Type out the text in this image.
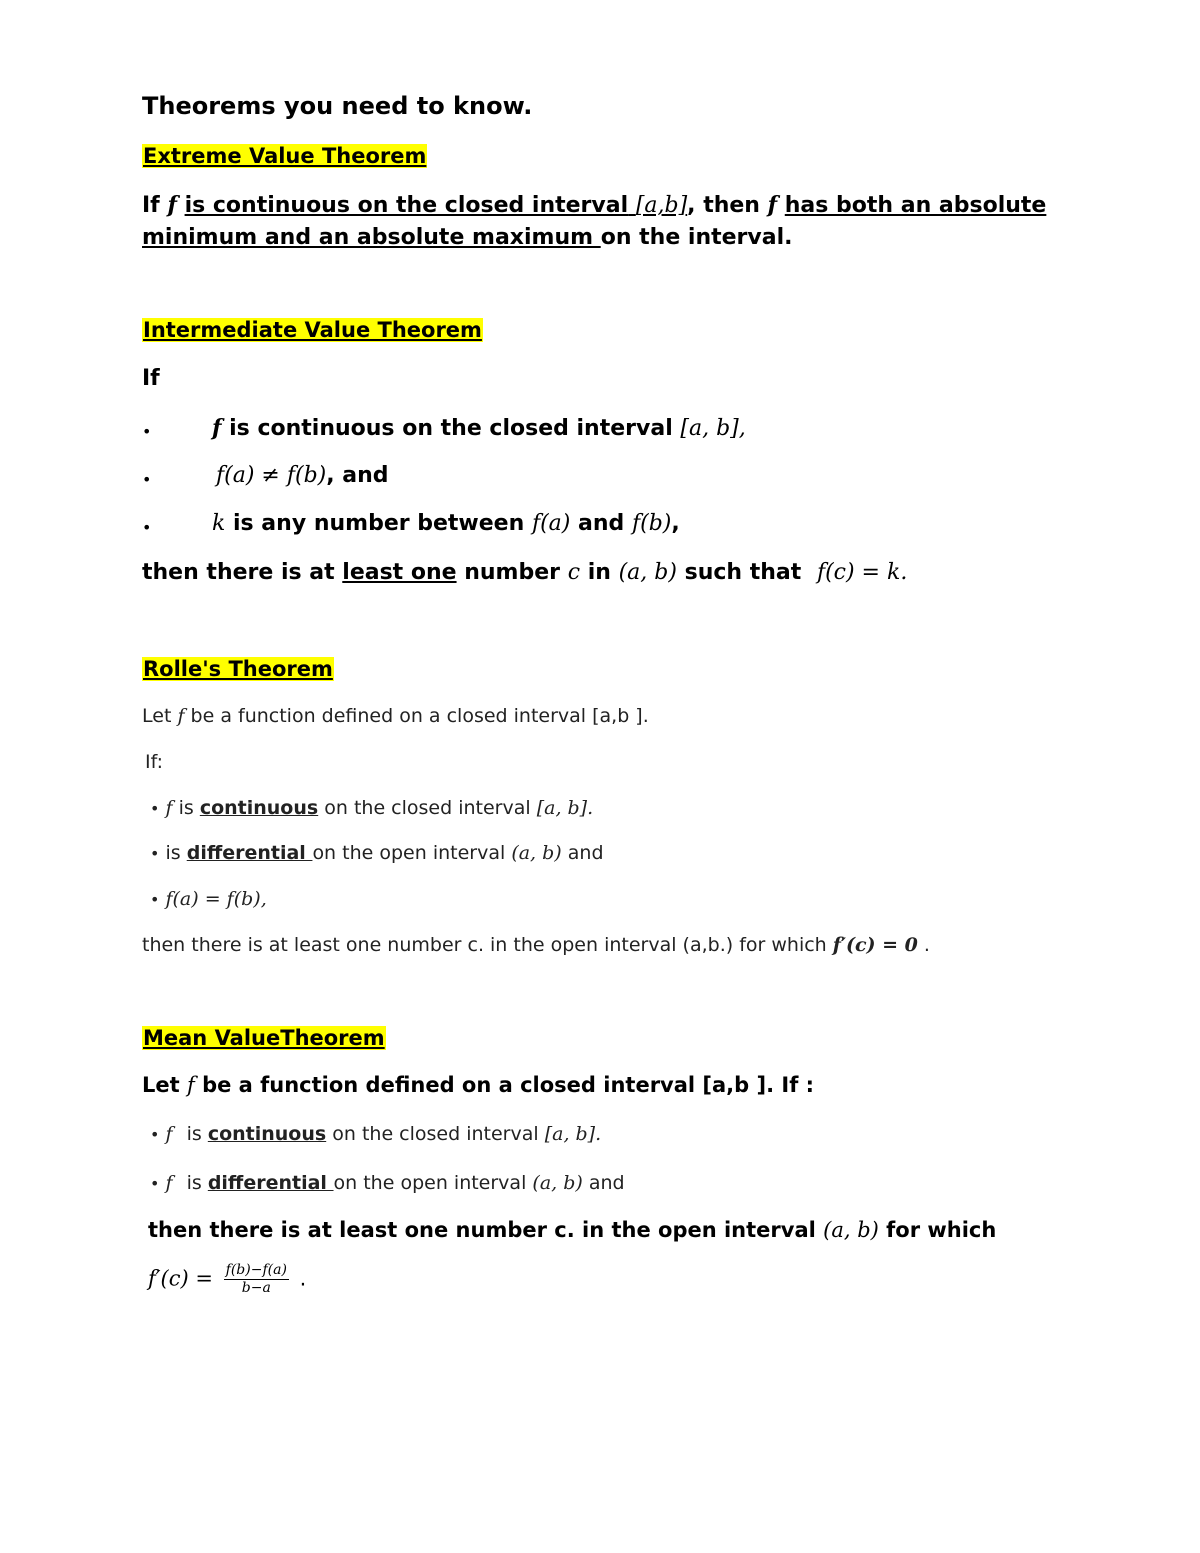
Theorems you need to know.
Extreme Value Theorem
If f is continuous on the closed interval [a,b], then f has both an absolute
minimum and an absolute maximum on the interval.
Intermediate Value Theorem
If
•	f is continuous on the closed interval [a, b],
•	f(a) ≠ f(b), and
•	k is any number between f(a) and f(b),
then there is at least one number c in (a, b) such that f(c) = k.
Rolle's Theorem
Let f be a function defined on a closed interval [a,b ].
If:
• f is continuous on the closed interval [a, b].
• is differential on the open interval (a, b) and
• f(a) = f(b),
then there is at least one number c. in the open interval (a,b.) for which f′(c) = 0 .
Mean ValueTheorem
Let f be a function defined on a closed interval [a,b ]. If :
• f is continuous on the closed interval [a, b].
• f is differential on the open interval (a, b) and
then there is at least one number c. in the open interval (a, b) for which
$f'(c) = \frac{f(b)-f(a)}{b-a}$ .
